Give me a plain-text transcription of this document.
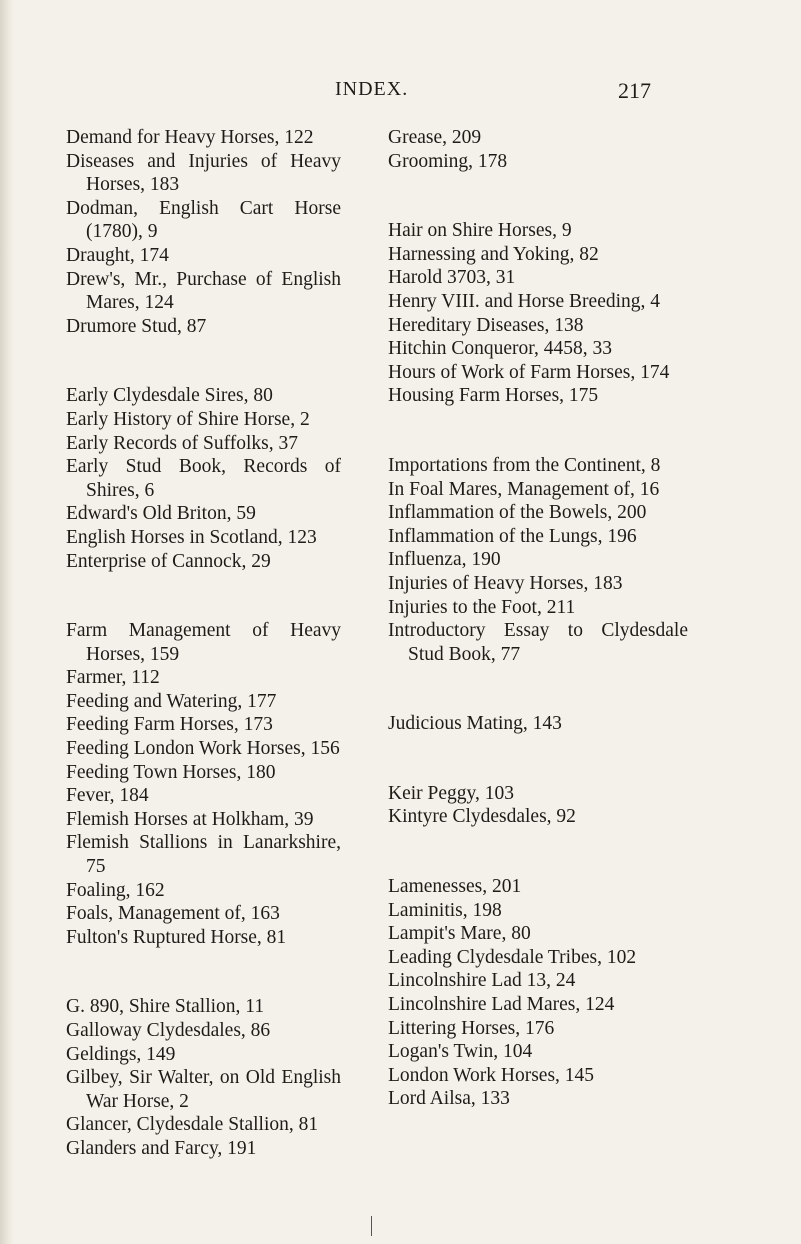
INDEX.	217
Demand for Heavy Horses, 122
Diseases and Injuries of Heavy Horses, 183
Dodman, English Cart Horse (1780), 9
Draught, 174
Drew's, Mr., Purchase of English Mares, 124
Drumore Stud, 87
Early Clydesdale Sires, 80
Early History of Shire Horse, 2
Early Records of Suffolks, 37
Early Stud Book, Records of Shires, 6
Edward's Old Briton, 59
English Horses in Scotland, 123
Enterprise of Cannock, 29
Farm Management of Heavy Horses, 159
Farmer, 112
Feeding and Watering, 177
Feeding Farm Horses, 173
Feeding London Work Horses, 156
Feeding Town Horses, 180
Fever, 184
Flemish Horses at Holkham, 39
Flemish Stallions in Lanarkshire, 75
Foaling, 162
Foals, Management of, 163
Fulton's Ruptured Horse, 81
G. 890, Shire Stallion, 11
Galloway Clydesdales, 86
Geldings, 149
Gilbey, Sir Walter, on Old English War Horse, 2
Glancer, Clydesdale Stallion, 81
Glanders and Farcy, 191
Grease, 209
Grooming, 178
Hair on Shire Horses, 9
Harnessing and Yoking, 82
Harold 3703, 31
Henry VIII. and Horse Breeding, 4
Hereditary Diseases, 138
Hitchin Conqueror, 4458, 33
Hours of Work of Farm Horses, 174
Housing Farm Horses, 175
Importations from the Continent, 8
In Foal Mares, Management of, 16
Inflammation of the Bowels, 200
Inflammation of the Lungs, 196
Influenza, 190
Injuries of Heavy Horses, 183
Injuries to the Foot, 211
Introductory Essay to Clydesdale Stud Book, 77
Judicious Mating, 143
Keir Peggy, 103
Kintyre Clydesdales, 92
Lamenesses, 201
Laminitis, 198
Lampit's Mare, 80
Leading Clydesdale Tribes, 102
Lincolnshire Lad 13, 24
Lincolnshire Lad Mares, 124
Littering Horses, 176
Logan's Twin, 104
London Work Horses, 145
Lord Ailsa, 133
